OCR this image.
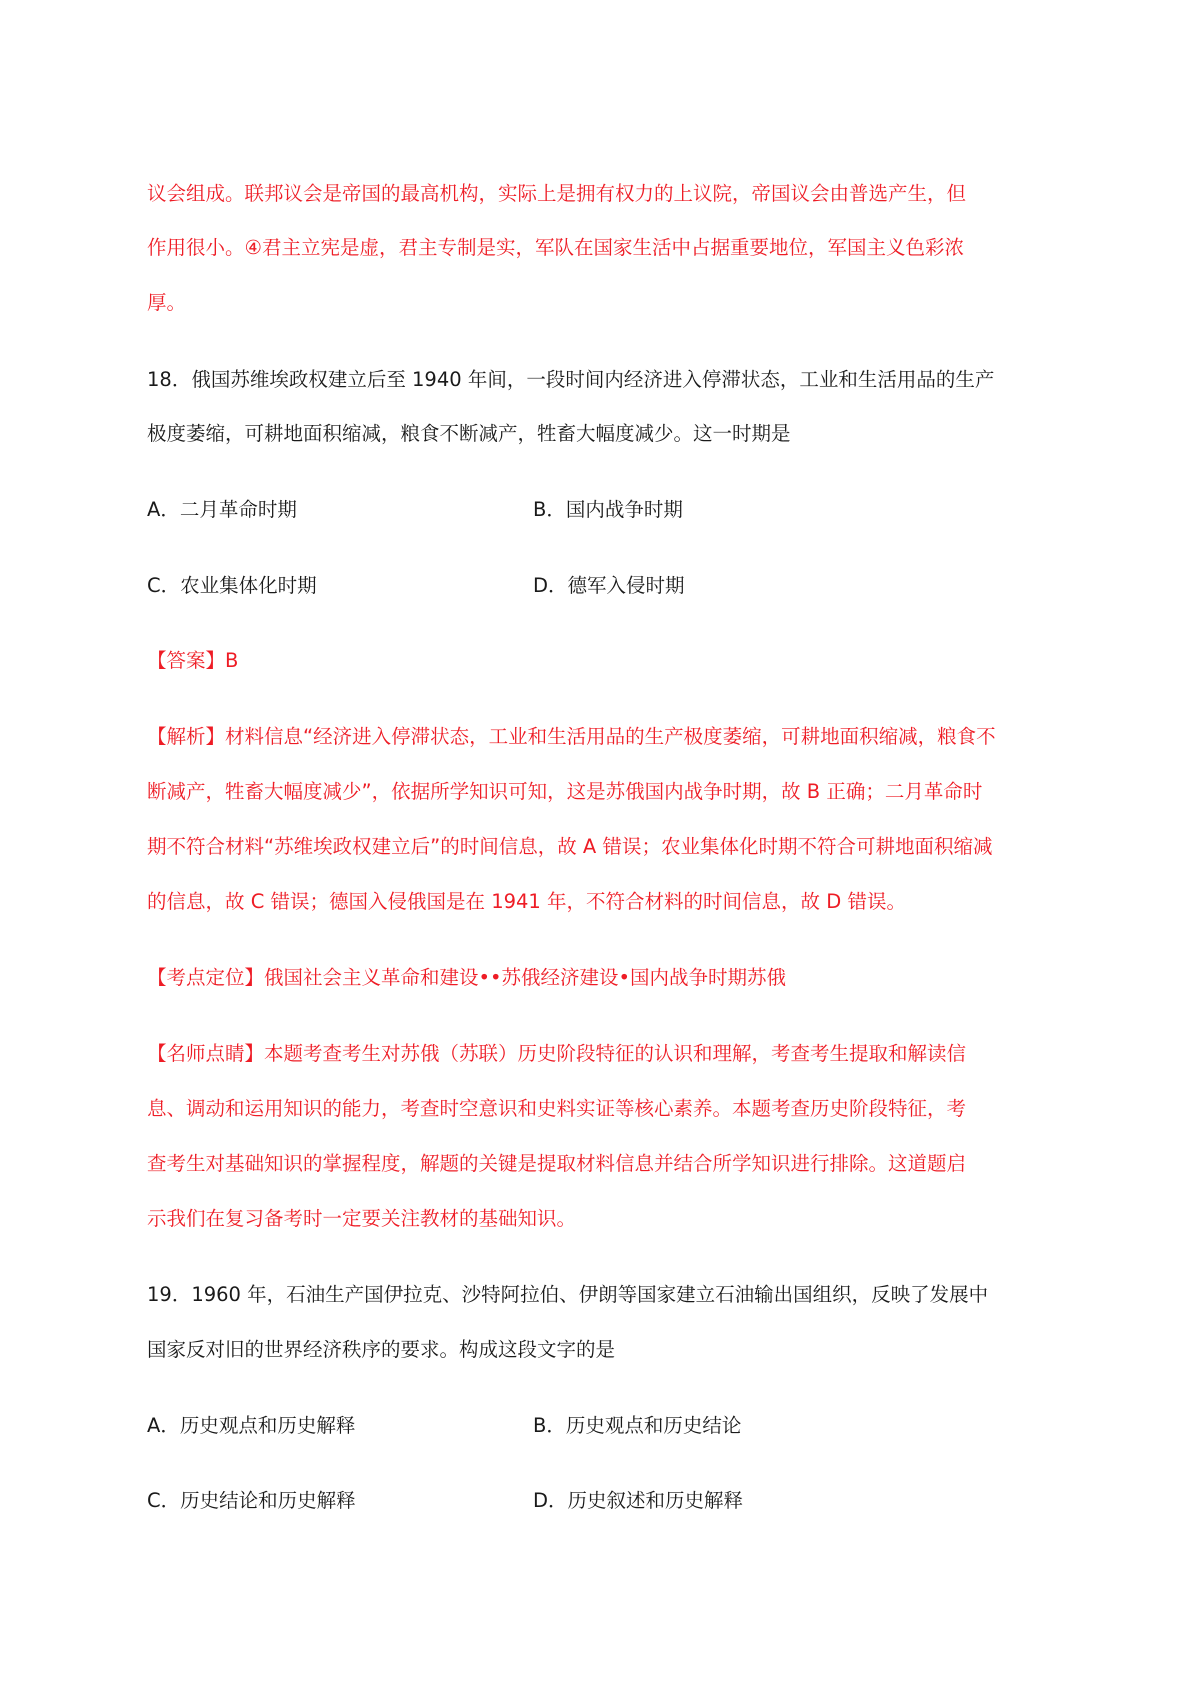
议会组成。联邦议会是帝国的最高机构，实际上是拥有权力的上议院，帝国议会由普选产生，但
作用很小。④君主立宪是虚，君主专制是实，军队在国家生活中占据重要地位，军国主义色彩浓
厚。
18．俄国苏维埃政权建立后至 1940 年间，一段时间内经济进入停滞状态，工业和生活用品的生产
极度萎缩，可耕地面积缩减，粮食不断减产，牲畜大幅度减少。这一时期是
A．二月革命时期	B．国内战争时期
C．农业集体化时期	D．德军入侵时期
【答案】B
【解析】材料信息“经济进入停滞状态，工业和生活用品的生产极度萎缩，可耕地面积缩减，粮食不
断减产，牲畜大幅度减少”，依据所学知识可知，这是苏俄国内战争时期，故 B 正确；二月革命时
期不符合材料“苏维埃政权建立后”的时间信息，故 A 错误；农业集体化时期不符合可耕地面积缩减
的信息，故 C 错误；德国入侵俄国是在 1941 年，不符合材料的时间信息，故 D 错误。
【考点定位】俄国社会主义革命和建设••苏俄经济建设•国内战争时期苏俄
【名师点睛】本题考查考生对苏俄（苏联）历史阶段特征的认识和理解，考查考生提取和解读信
息、调动和运用知识的能力，考查时空意识和史料实证等核心素养。本题考查历史阶段特征，考
查考生对基础知识的掌握程度，解题的关键是提取材料信息并结合所学知识进行排除。这道题启
示我们在复习备考时一定要关注教材的基础知识。
19．1960 年，石油生产国伊拉克、沙特阿拉伯、伊朗等国家建立石油输出国组织，反映了发展中
国家反对旧的世界经济秩序的要求。构成这段文字的是
A．历史观点和历史解释	B．历史观点和历史结论
C．历史结论和历史解释	D．历史叙述和历史解释
